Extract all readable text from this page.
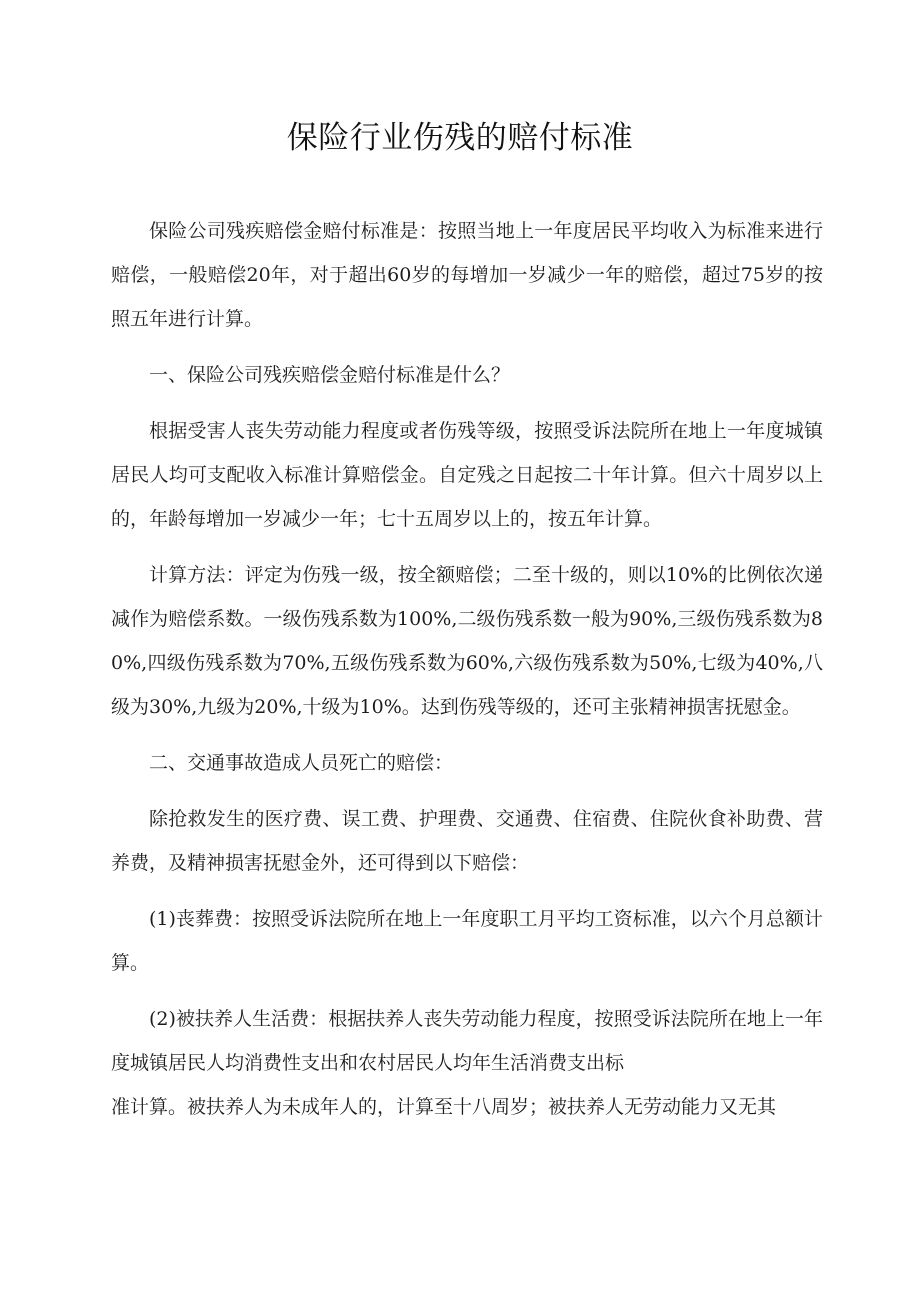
保险行业伤残的赔付标准

保险公司残疾赔偿金赔付标准是：按照当地上一年度居民平均收入为标准来进行赔偿，一般赔偿20年，对于超出60岁的每增加一岁减少一年的赔偿，超过75岁的按照五年进行计算。

一、保险公司残疾赔偿金赔付标准是什么？

根据受害人丧失劳动能力程度或者伤残等级，按照受诉法院所在地上一年度城镇居民人均可支配收入标准计算赔偿金。自定残之日起按二十年计算。但六十周岁以上的，年龄每增加一岁减少一年；七十五周岁以上的，按五年计算。

计算方法：评定为伤残一级，按全额赔偿；二至十级的，则以10%的比例依次递减作为赔偿系数。一级伤残系数为100%,二级伤残系数一般为90%,三级伤残系数为80%,四级伤残系数为70%,五级伤残系数为60%,六级伤残系数为50%,七级为40%,八级为30%,九级为20%,十级为10%。达到伤残等级的，还可主张精神损害抚慰金。

二、交通事故造成人员死亡的赔偿：

除抢救发生的医疗费、误工费、护理费、交通费、住宿费、住院伙食补助费、营养费，及精神损害抚慰金外，还可得到以下赔偿：

(1)丧葬费：按照受诉法院所在地上一年度职工月平均工资标准，以六个月总额计算。

(2)被扶养人生活费：根据扶养人丧失劳动能力程度，按照受诉法院所在地上一年度城镇居民人均消费性支出和农村居民人均年生活消费支出标

准计算。被扶养人为未成年人的，计算至十八周岁；被扶养人无劳动能力又无其
